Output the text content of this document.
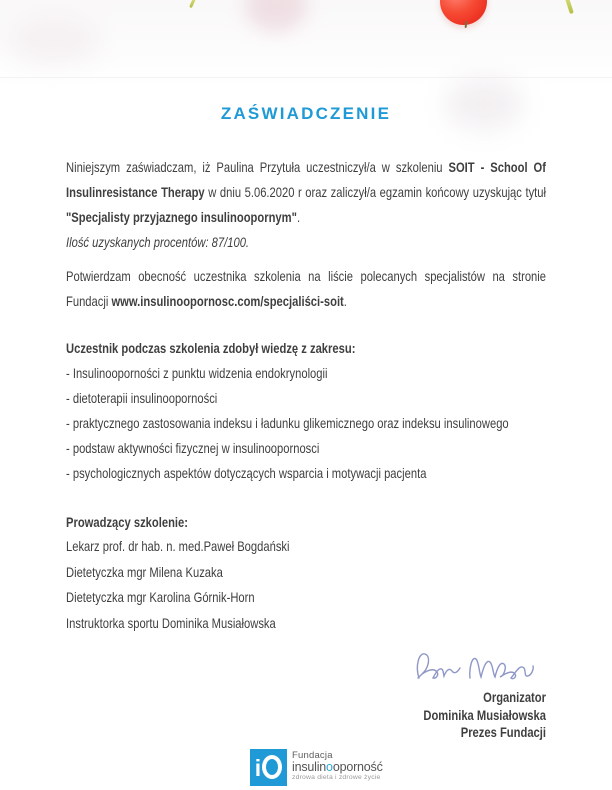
ZAŚWIADCZENIE

Niniejszym zaświadczam, iż Paulina Przytuła uczestniczył/a w szkoleniu SOIT - School Of Insulinresistance Therapy w dniu 5.06.2020 r oraz zaliczył/a egzamin końcowy uzyskując tytuł "Specjalisty przyjaznego insulinoopornym".

Ilość uzyskanych procentów: 87/100.

Potwierdzam obecność uczestnika szkolenia na liście polecanych specjalistów na stronie Fundacji www.insulinoopornosc.com/specjaliści-soit.

Uczestnik podczas szkolenia zdobył wiedzę z zakresu:

- Insulinooporności z punktu widzenia endokrynologii

- dietoterapii insulinooporności

- praktycznego zastosowania indeksu i ładunku glikemicznego oraz indeksu insulinowego

- podstaw aktywności fizycznej w insulinoopornosci

- psychologicznych aspektów dotyczących wsparcia i motywacji pacjenta

Prowadzący szkolenie:

Lekarz prof. dr hab. n. med.Paweł Bogdański

Dietetyczka mgr Milena Kuzaka

Dietetyczka mgr Karolina Górnik-Horn

Instruktorka sportu Dominika Musiałowska

Organizator

Dominika Musiałowska

Prezes Fundacji

i	Fundacja
insulinooporność
zdrowa dieta i zdrowe życie
